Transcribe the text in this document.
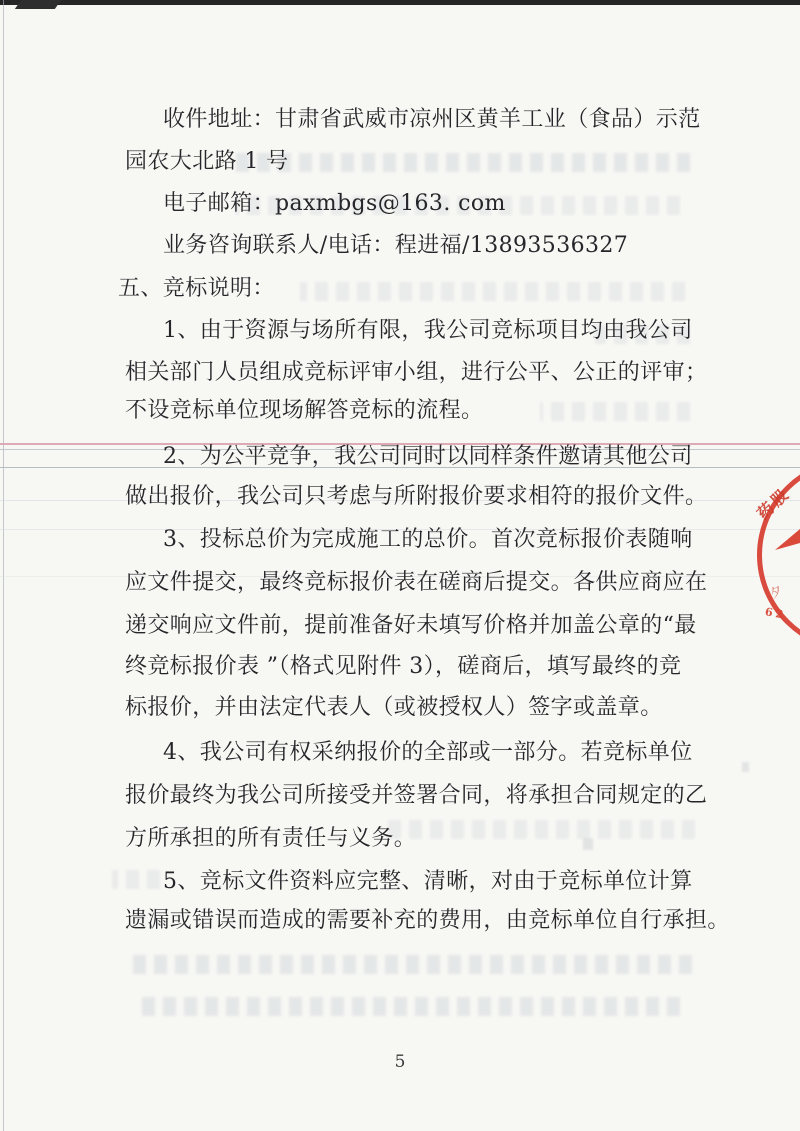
收件地址：甘肃省武威市凉州区黄羊工业（食品）示范
园农大北路 1 号
电子邮箱：paxmbgs@163. com
业务咨询联系人/电话：程进福/13893536327
五、竞标说明：
1、由于资源与场所有限，我公司竞标项目均由我公司
相关部门人员组成竞标评审小组，进行公平、公正的评审；
不设竞标单位现场解答竞标的流程。
2、为公平竞争，我公司同时以同样条件邀请其他公司
做出报价，我公司只考虑与所附报价要求相符的报价文件。
3、投标总价为完成施工的总价。首次竞标报价表随响
应文件提交，最终竞标报价表在磋商后提交。各供应商应在
递交响应文件前，提前准备好未填写价格并加盖公章的“最
终竞标报价表 ”（格式见附件 3），磋商后，填写最终的竞
标报价，并由法定代表人（或被授权人）签字或盖章。
4、我公司有权采纳报价的全部或一部分。若竞标单位
报价最终为我公司所接受并签署合同，将承担合同规定的乙
方所承担的所有责任与义务。
5、竞标文件资料应完整、清晰，对由于竞标单位计算
遗漏或错误而造成的需要补充的费用，由竞标单位自行承担。
5
药股
夕
62
